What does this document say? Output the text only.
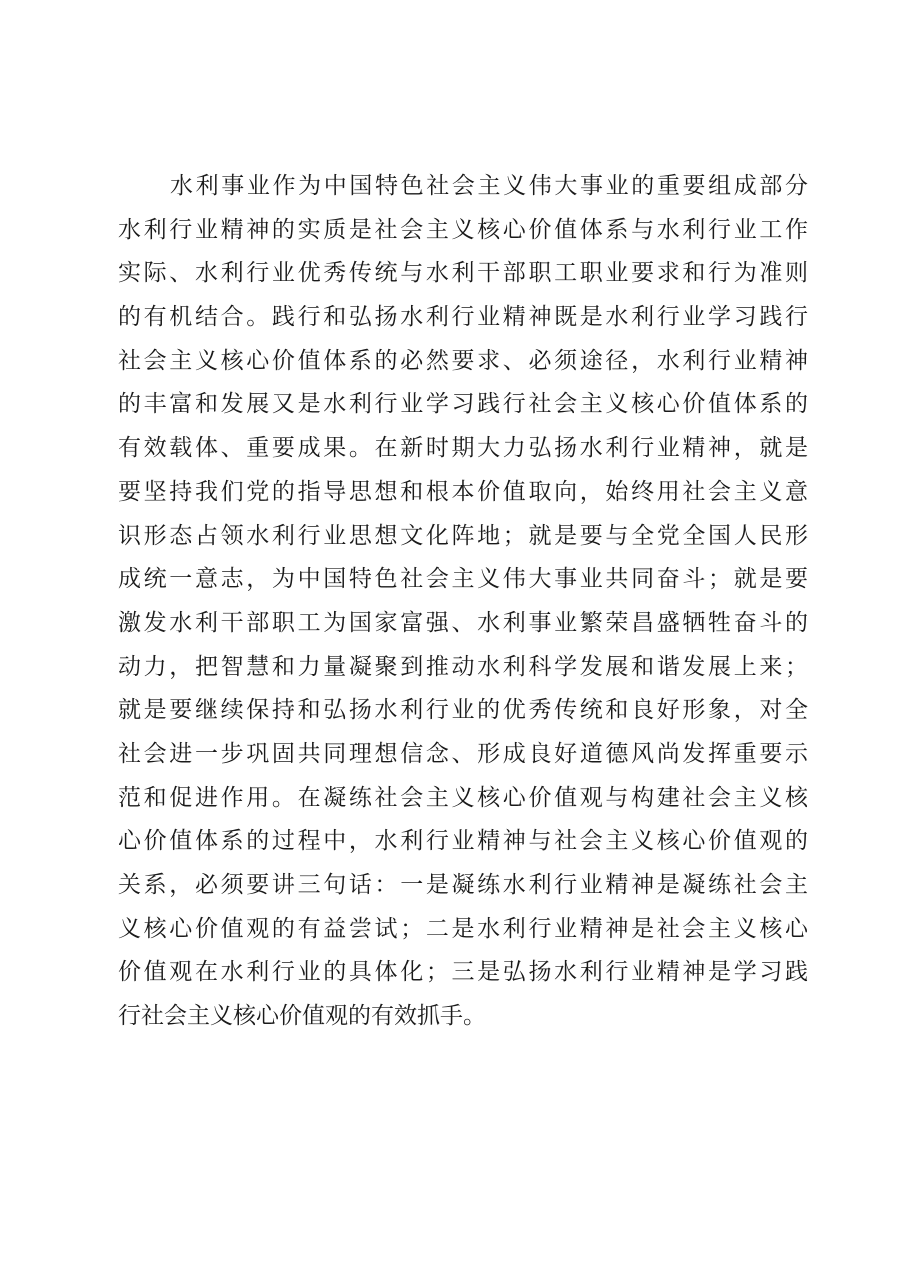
水利事业作为中国特色社会主义伟大事业的重要组成部分
水利行业精神的实质是社会主义核心价值体系与水利行业工作
实际、水利行业优秀传统与水利干部职工职业要求和行为准则
的有机结合。践行和弘扬水利行业精神既是水利行业学习践行
社会主义核心价值体系的必然要求、必须途径，水利行业精神
的丰富和发展又是水利行业学习践行社会主义核心价值体系的
有效载体、重要成果。在新时期大力弘扬水利行业精神，就是
要坚持我们党的指导思想和根本价值取向，始终用社会主义意
识形态占领水利行业思想文化阵地；就是要与全党全国人民形
成统一意志，为中国特色社会主义伟大事业共同奋斗；就是要
激发水利干部职工为国家富强、水利事业繁荣昌盛牺牲奋斗的
动力，把智慧和力量凝聚到推动水利科学发展和谐发展上来；
就是要继续保持和弘扬水利行业的优秀传统和良好形象，对全
社会进一步巩固共同理想信念、形成良好道德风尚发挥重要示
范和促进作用。在凝练社会主义核心价值观与构建社会主义核
心价值体系的过程中，水利行业精神与社会主义核心价值观的
关系，必须要讲三句话：一是凝练水利行业精神是凝练社会主
义核心价值观的有益尝试；二是水利行业精神是社会主义核心
价值观在水利行业的具体化；三是弘扬水利行业精神是学习践
行社会主义核心价值观的有效抓手。
